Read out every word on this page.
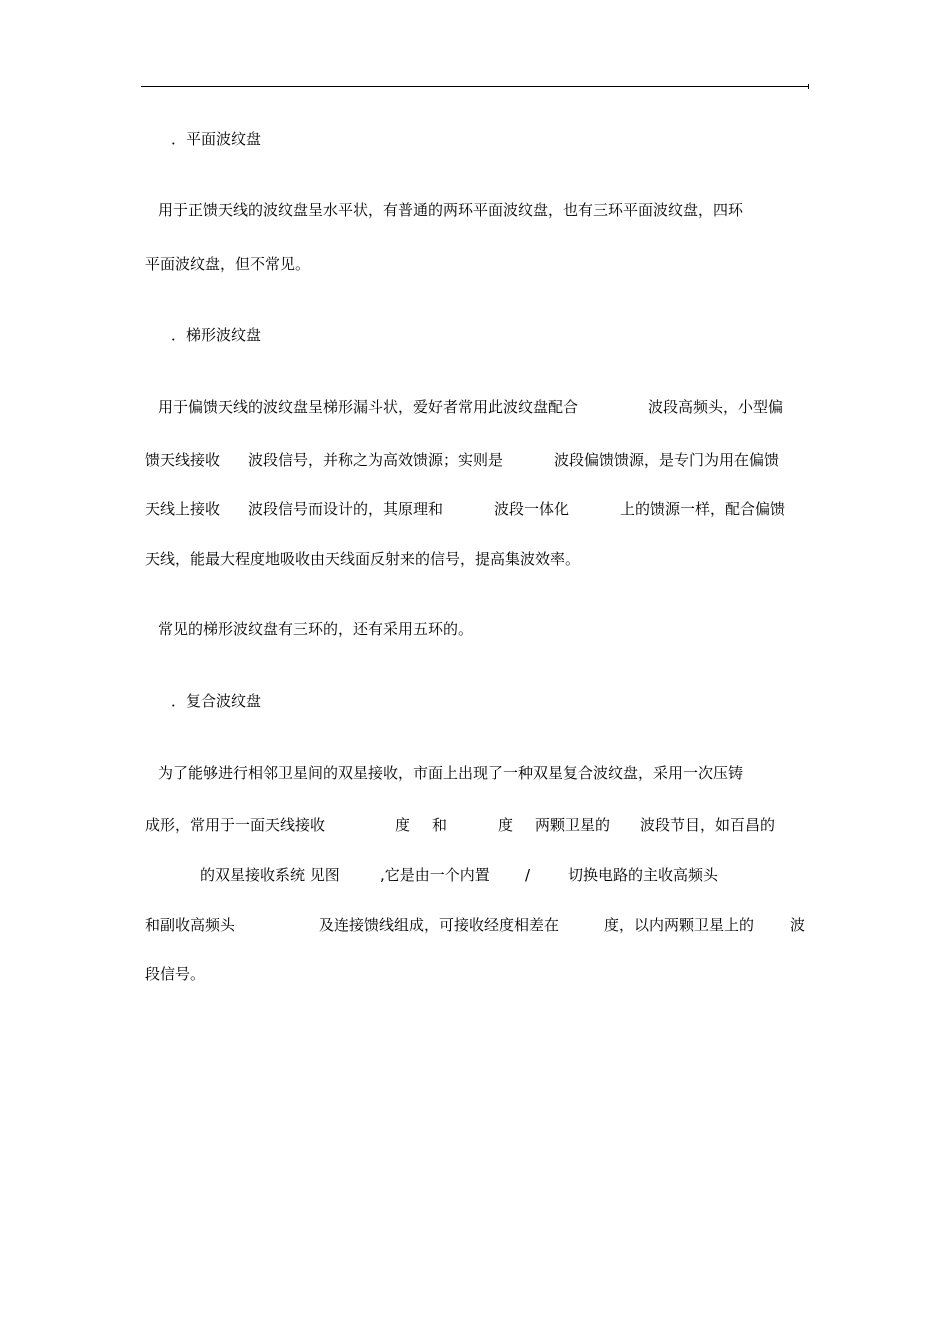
．平面波纹盘
用于正馈天线的波纹盘呈水平状，有普通的两环平面波纹盘，也有三环平面波纹盘，四环
平面波纹盘，但不常见。
．梯形波纹盘
用于偏馈天线的波纹盘呈梯形漏斗状，爱好者常用此波纹盘配合	波段高频头，小型偏
馈天线接收 波段信号，并称之为高效馈源；实则是	波段偏馈馈源，是专门为用在偏馈
天线上接收 波段信号而设计的，其原理和	波段一体化	上的馈源一样，配合偏馈
天线，能最大程度地吸收由天线面反射来的信号，提高集波效率。
常见的梯形波纹盘有三环的，还有采用五环的。
．复合波纹盘
为了能够进行相邻卫星间的双星接收，市面上出现了一种双星复合波纹盘，采用一次压铸
成形，常用于一面天线接收	度 和	度 两颗卫星的 波段节目，如百昌的
的双星接收系统 见图	,它是由一个内置 /	切换电路的主收高频头
和副收高频头	及连接馈线组成，可接收经度相差在	度，以内两颗卫星上的 波
段信号。
